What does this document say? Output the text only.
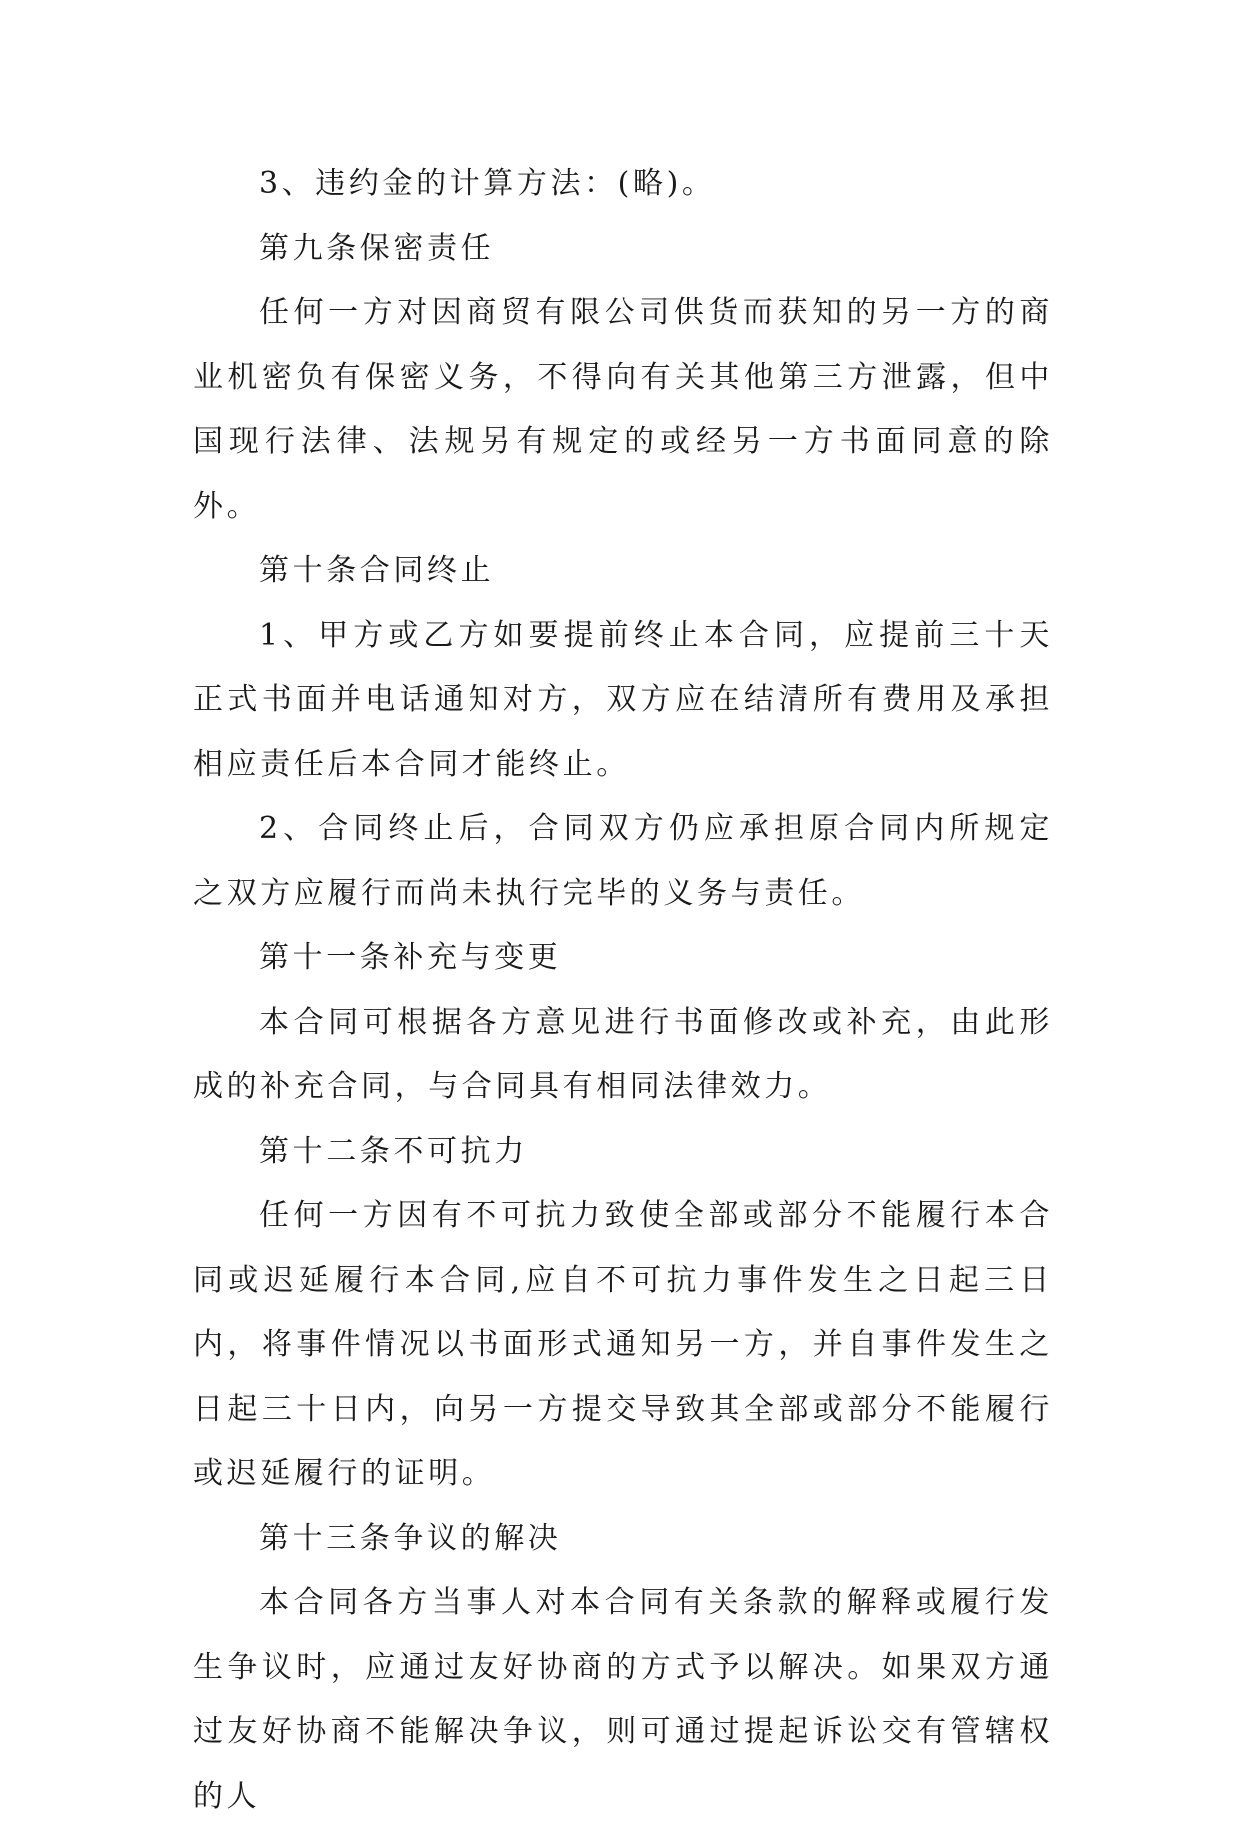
3、违约金的计算方法：(略)。

第九条保密责任

任何一方对因商贸有限公司供货而获知的另一方的商业机密负有保密义务，不得向有关其他第三方泄露，但中国现行法律、法规另有规定的或经另一方书面同意的除外。

第十条合同终止

1、甲方或乙方如要提前终止本合同，应提前三十天正式书面并电话通知对方，双方应在结清所有费用及承担相应责任后本合同才能终止。

2、合同终止后，合同双方仍应承担原合同内所规定之双方应履行而尚未执行完毕的义务与责任。

第十一条补充与变更

本合同可根据各方意见进行书面修改或补充，由此形成的补充合同，与合同具有相同法律效力。

第十二条不可抗力

任何一方因有不可抗力致使全部或部分不能履行本合同或迟延履行本合同,应自不可抗力事件发生之日起三日内，将事件情况以书面形式通知另一方，并自事件发生之日起三十日内，向另一方提交导致其全部或部分不能履行或迟延履行的证明。

第十三条争议的解决

本合同各方当事人对本合同有关条款的解释或履行发生争议时，应通过友好协商的方式予以解决。如果双方通过友好协商不能解决争议，则可通过提起诉讼交有管辖权的人
